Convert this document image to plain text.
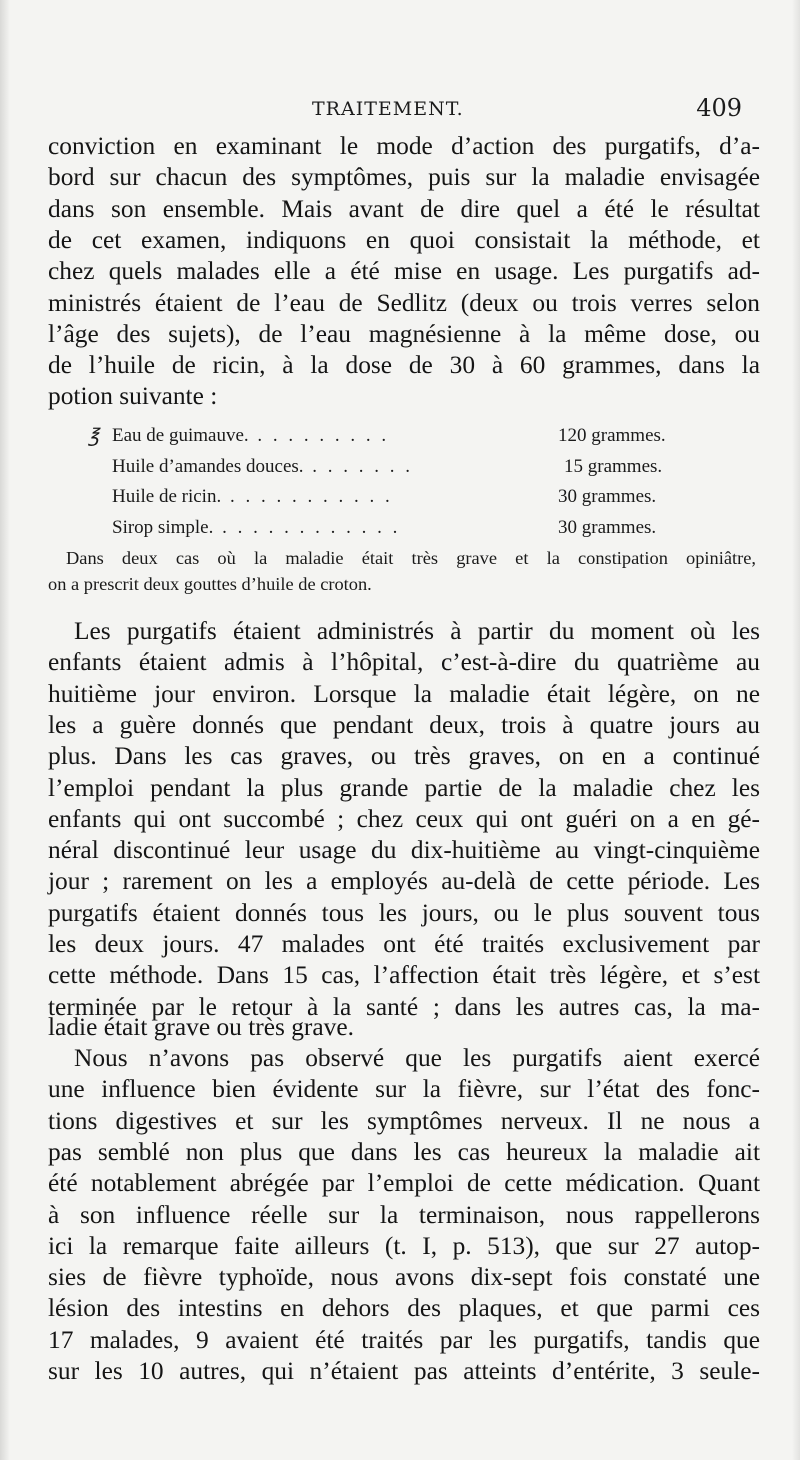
TRAITEMENT.	409
conviction en examinant le mode d’action des purgatifs, d’a-
bord sur chacun des symptômes, puis sur la maladie envisagée
dans son ensemble. Mais avant de dire quel a été le résultat
de cet examen, indiquons en quoi consistait la méthode, et
chez quels malades elle a été mise en usage. Les purgatifs ad-
ministrés étaient de l’eau de Sedlitz (deux ou trois verres selon
l’âge des sujets), de l’eau magnésienne à la même dose, ou
de l’huile de ricin, à la dose de 30 à 60 grammes, dans la
potion suivante :
℥ Eau de guimauve. . . . . . . . . .	120 grammes.
Huile d’amandes douces. . . . . . . .	15 grammes.
Huile de ricin. . . . . . . . . . . .	30 grammes.
Sirop simple. . . . . . . . . . . . .	30 grammes.
Dans deux cas où la maladie était très grave et la constipation opiniâtre,
on a prescrit deux gouttes d’huile de croton.
Les purgatifs étaient administrés à partir du moment où les
enfants étaient admis à l’hôpital, c’est-à-dire du quatrième au
huitième jour environ. Lorsque la maladie était légère, on ne
les a guère donnés que pendant deux, trois à quatre jours au
plus. Dans les cas graves, ou très graves, on en a continué
l’emploi pendant la plus grande partie de la maladie chez les
enfants qui ont succombé ; chez ceux qui ont guéri on a en gé-
néral discontinué leur usage du dix-huitième au vingt-cinquième
jour ; rarement on les a employés au-delà de cette période. Les
purgatifs étaient donnés tous les jours, ou le plus souvent tous
les deux jours. 47 malades ont été traités exclusivement par
cette méthode. Dans 15 cas, l’affection était très légère, et s’est
terminée par le retour à la santé ; dans les autres cas, la ma-
ladie était grave ou très grave.
Nous n’avons pas observé que les purgatifs aient exercé
une influence bien évidente sur la fièvre, sur l’état des fonc-
tions digestives et sur les symptômes nerveux. Il ne nous a
pas semblé non plus que dans les cas heureux la maladie ait
été notablement abrégée par l’emploi de cette médication. Quant
à son influence réelle sur la terminaison, nous rappellerons
ici la remarque faite ailleurs (t. I, p. 513), que sur 27 autop-
sies de fièvre typhoïde, nous avons dix-sept fois constaté une
lésion des intestins en dehors des plaques, et que parmi ces
17 malades, 9 avaient été traités par les purgatifs, tandis que
sur les 10 autres, qui n’étaient pas atteints d’entérite, 3 seule-
